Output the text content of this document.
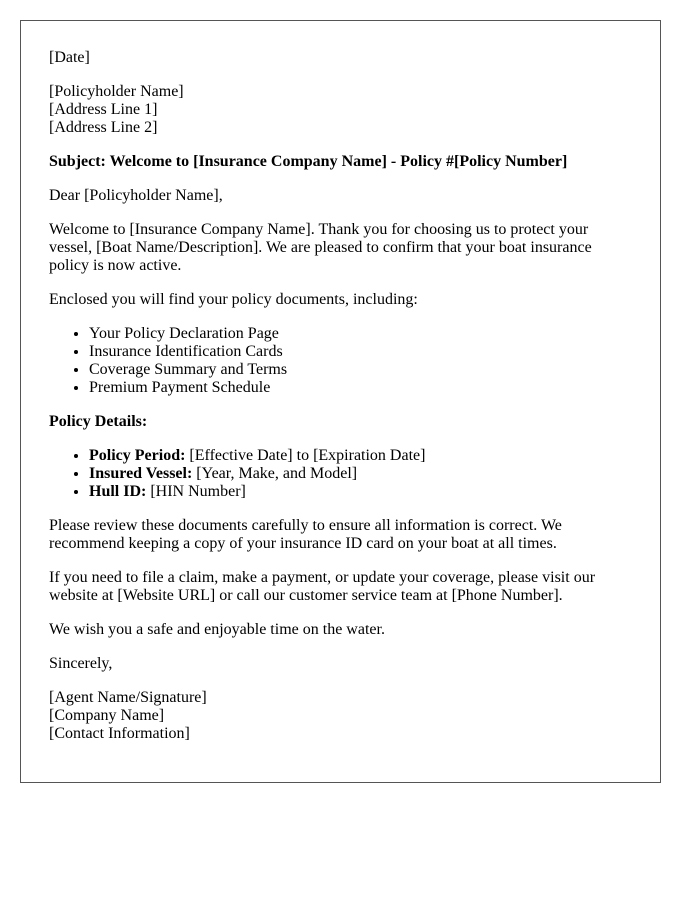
[Date]

[Policyholder Name]
[Address Line 1]
[Address Line 2]

Subject: Welcome to [Insurance Company Name] - Policy #[Policy Number]

Dear [Policyholder Name],

Welcome to [Insurance Company Name]. Thank you for choosing us to protect your vessel, [Boat Name/Description]. We are pleased to confirm that your boat insurance policy is now active.

Enclosed you will find your policy documents, including:

• Your Policy Declaration Page
• Insurance Identification Cards
• Coverage Summary and Terms
• Premium Payment Schedule

Policy Details:

• Policy Period: [Effective Date] to [Expiration Date]
• Insured Vessel: [Year, Make, and Model]
• Hull ID: [HIN Number]

Please review these documents carefully to ensure all information is correct. We recommend keeping a copy of your insurance ID card on your boat at all times.

If you need to file a claim, make a payment, or update your coverage, please visit our website at [Website URL] or call our customer service team at [Phone Number].

We wish you a safe and enjoyable time on the water.

Sincerely,

[Agent Name/Signature]
[Company Name]
[Contact Information]
